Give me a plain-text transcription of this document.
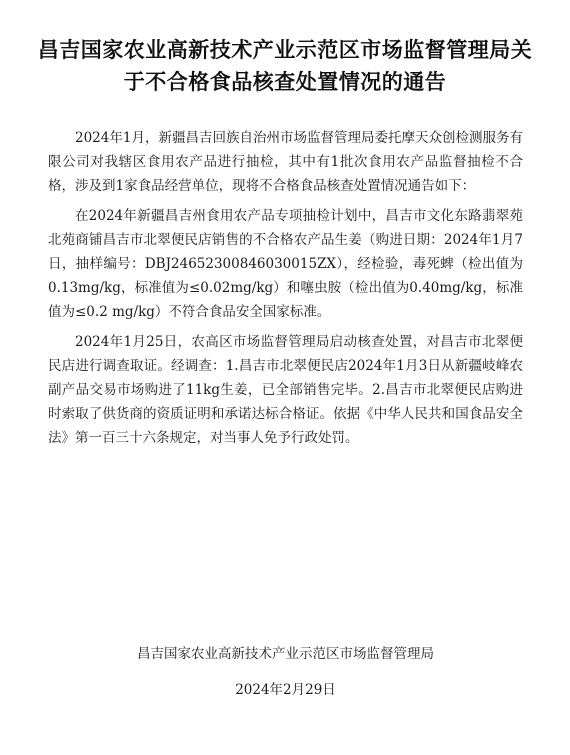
昌吉国家农业高新技术产业示范区市场监督管理局关于不合格食品核查处置情况的通告

2024年1月，新疆昌吉回族自治州市场监督管理局委托摩天众创检测服务有限公司对我辖区食用农产品进行抽检，其中有1批次食用农产品监督抽检不合格，涉及到1家食品经营单位，现将不合格食品核查处置情况通告如下：

在2024年新疆昌吉州食用农产品专项抽检计划中，昌吉市文化东路翡翠苑北苑商铺昌吉市北翠便民店销售的不合格农产品生姜（购进日期：2024年1月7日，抽样编号：DBJ24652300846030015ZX），经检验，毒死蜱（检出值为0.13mg/kg，标准值为≤0.02mg/kg）和噻虫胺（检出值为0.40mg/kg，标准值为≤0.2 mg/kg）不符合食品安全国家标准。

2024年1月25日，农高区市场监督管理局启动核查处置，对昌吉市北翠便民店进行调查取证。经调查：1.昌吉市北翠便民店2024年1月3日从新疆岐峰农副产品交易市场购进了11kg生姜，已全部销售完毕。2.昌吉市北翠便民店购进时索取了供货商的资质证明和承诺达标合格证。依据《中华人民共和国食品安全法》第一百三十六条规定，对当事人免予行政处罚。

昌吉国家农业高新技术产业示范区市场监督管理局
2024年2月29日
